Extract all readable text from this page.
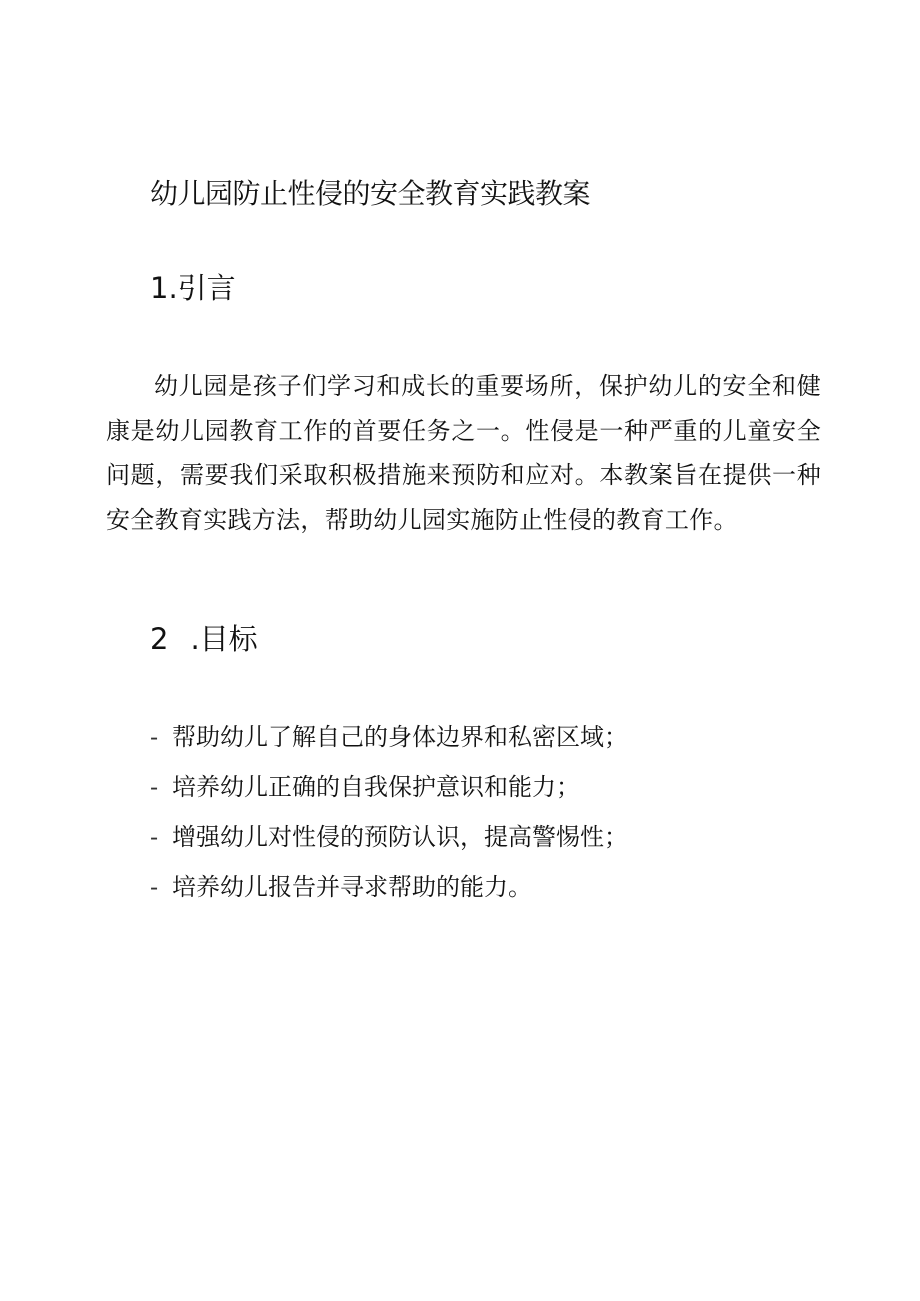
幼儿园防止性侵的安全教育实践教案
1.引言

幼儿园是孩子们学习和成长的重要场所，保护幼儿的安全和健康是幼儿园教育工作的首要任务之一。性侵是一种严重的儿童安全问题，需要我们采取积极措施来预防和应对。本教案旨在提供一种安全教育实践方法，帮助幼儿园实施防止性侵的教育工作。

2 .目标
- 帮助幼儿了解自己的身体边界和私密区域；
- 培养幼儿正确的自我保护意识和能力；
- 增强幼儿对性侵的预防认识，提高警惕性；
- 培养幼儿报告并寻求帮助的能力。
